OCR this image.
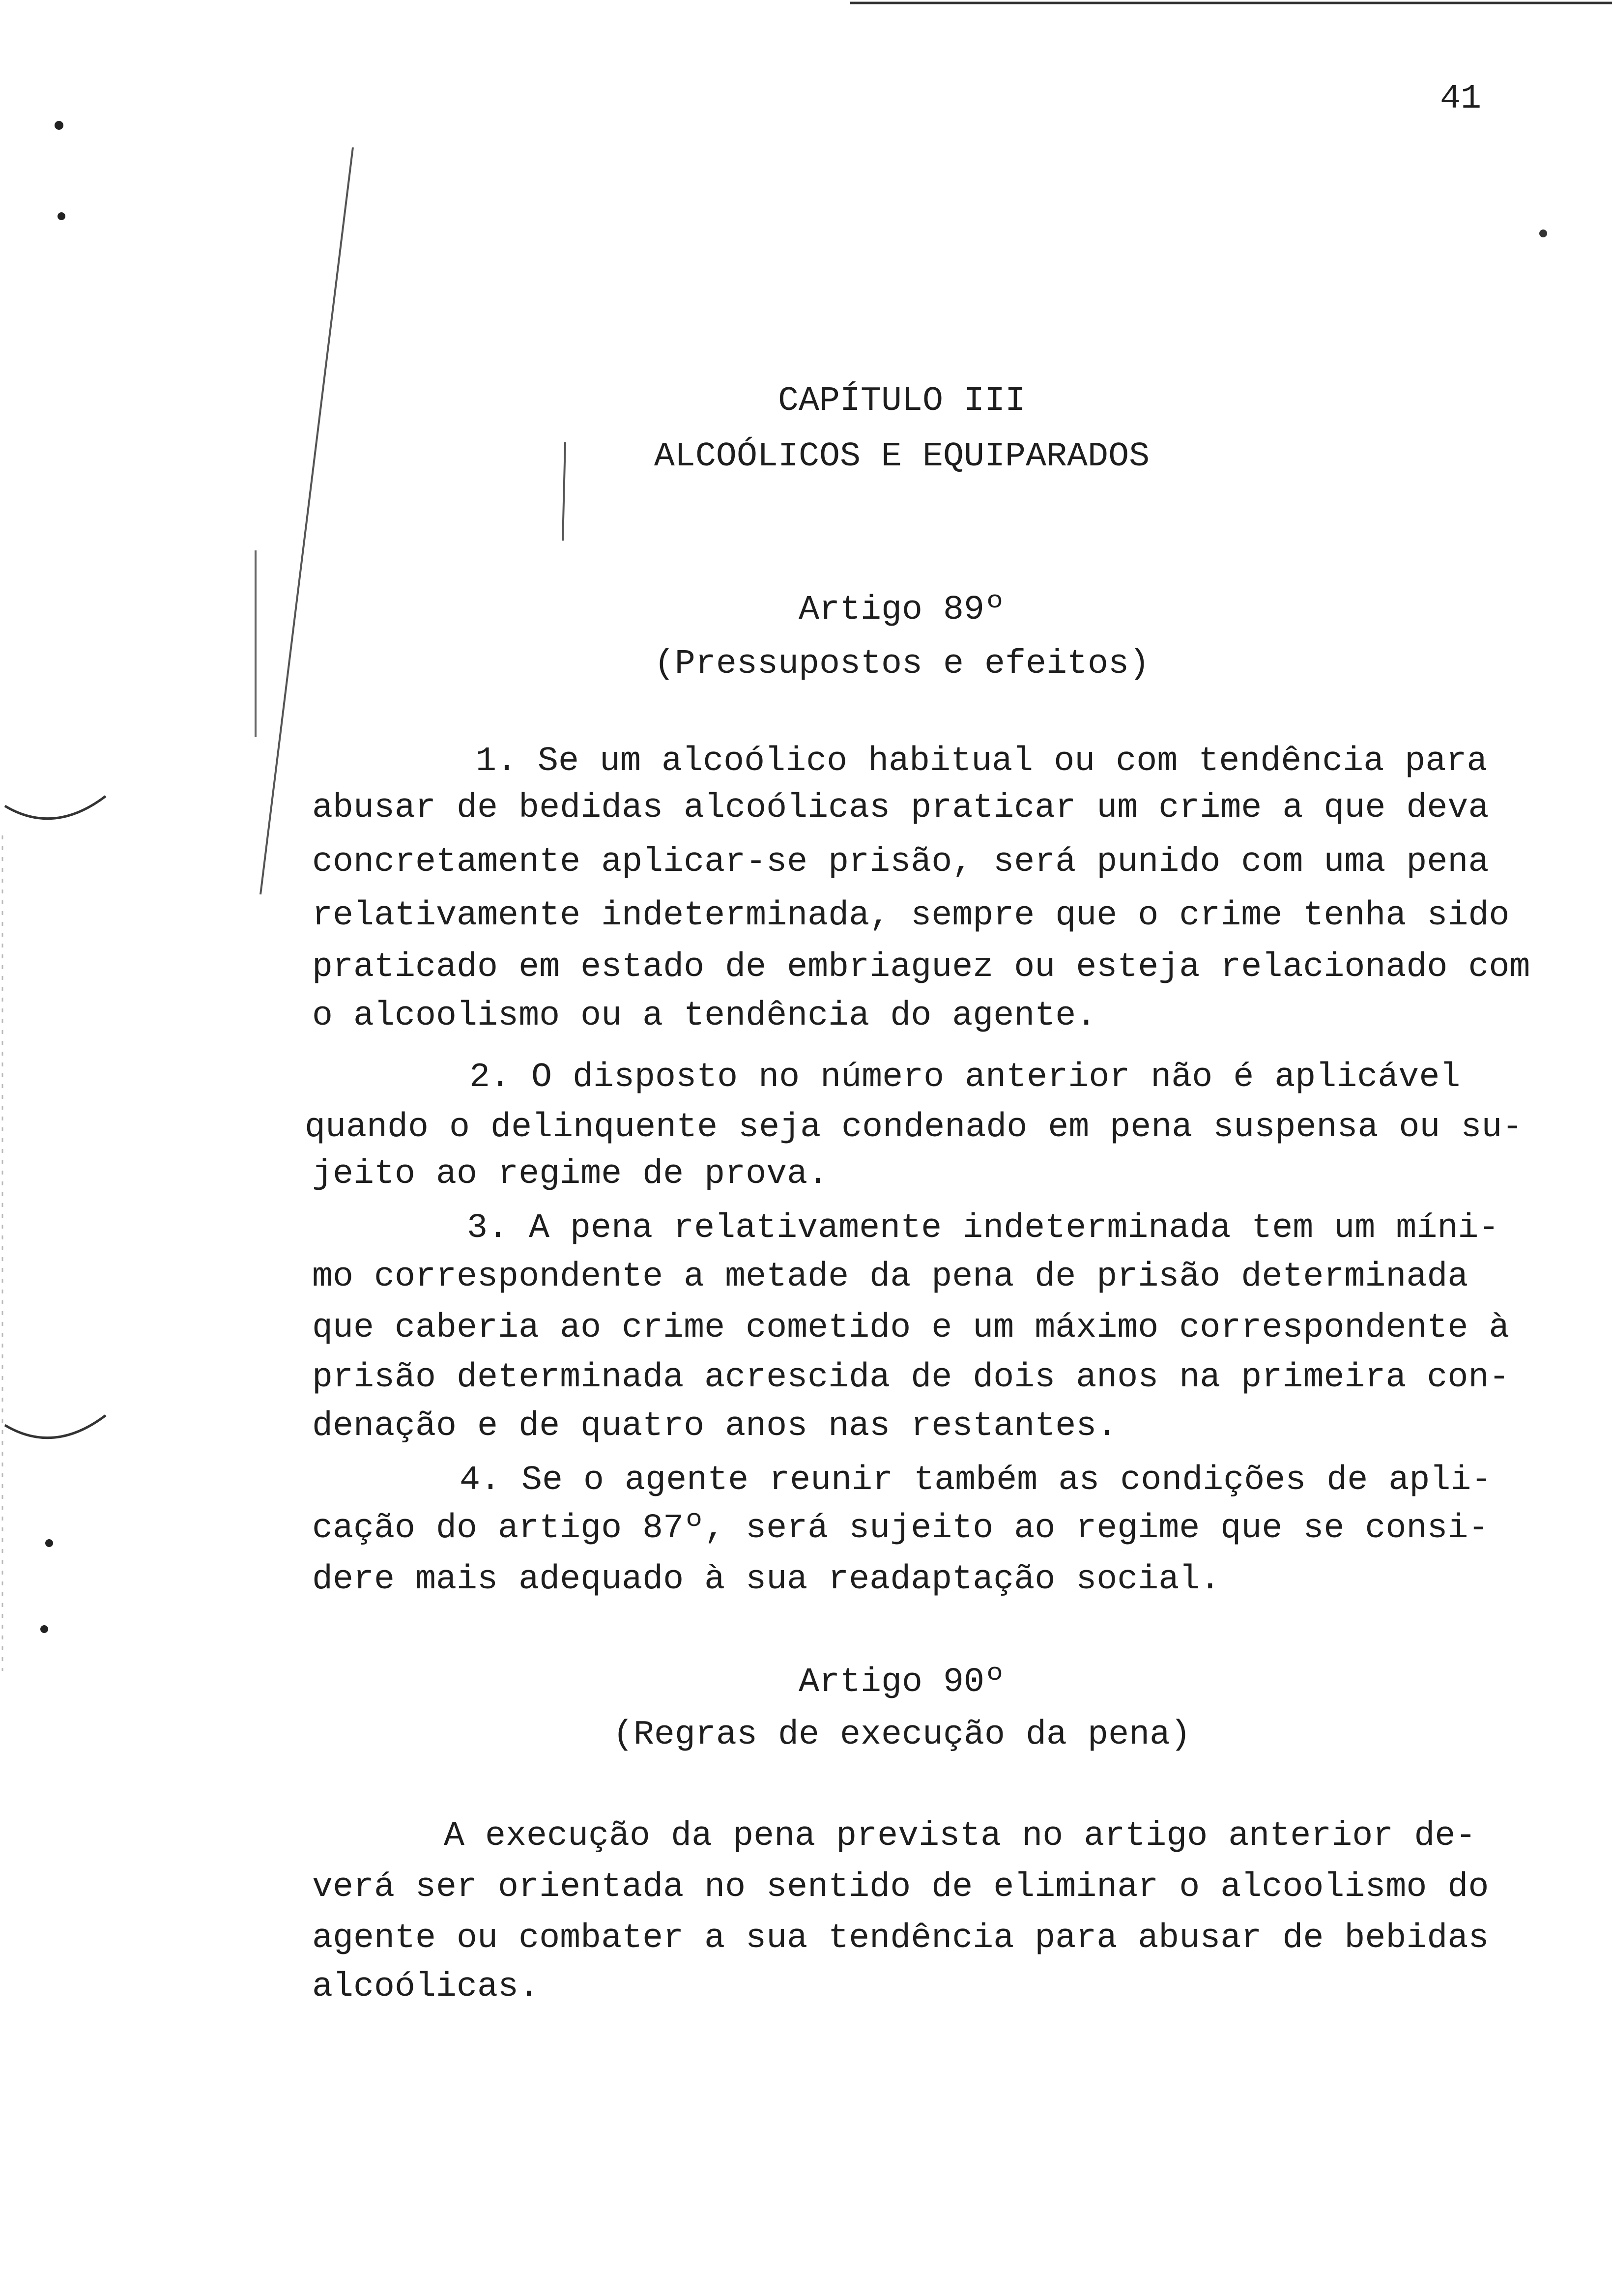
41
CAPÍTULO III
ALCOÓLICOS E EQUIPARADOS
Artigo 89º
(Pressupostos e efeitos)
1. Se um alcoólico habitual ou com tendência para
abusar de bedidas alcoólicas praticar um crime a que deva
concretamente aplicar-se prisão, será punido com uma pena
relativamente indeterminada, sempre que o crime tenha sido
praticado em estado de embriaguez ou esteja relacionado com
o alcoolismo ou a tendência do agente.
2. O disposto no número anterior não é aplicável
quando o delinquente seja condenado em pena suspensa ou su-
jeito ao regime de prova.
3. A pena relativamente indeterminada tem um míni-
mo correspondente a metade da pena de prisão determinada
que caberia ao crime cometido e um máximo correspondente à
prisão determinada acrescida de dois anos na primeira con-
denação e de quatro anos nas restantes.
4. Se o agente reunir também as condições de apli-
cação do artigo 87º, será sujeito ao regime que se consi-
dere mais adequado à sua readaptação social.
Artigo 90º
(Regras de execução da pena)
A execução da pena prevista no artigo anterior de-
verá ser orientada no sentido de eliminar o alcoolismo do
agente ou combater a sua tendência para abusar de bebidas
alcoólicas.
